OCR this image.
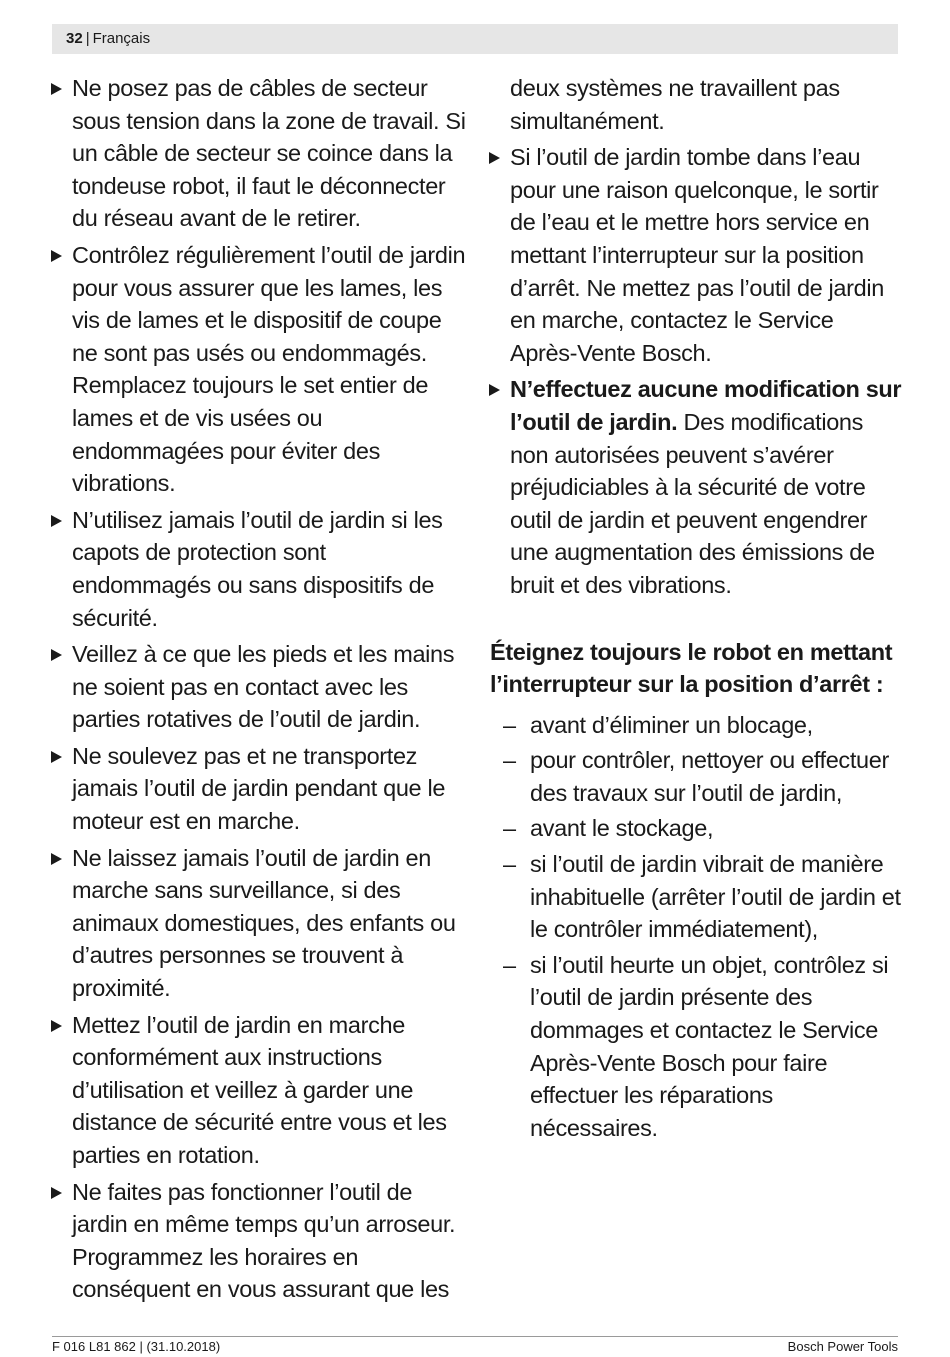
32 | Français
Ne posez pas de câbles de secteur sous tension dans la zone de travail. Si un câble de secteur se coince dans la tondeuse robot, il faut le déconnecter du réseau avant de le retirer.
Contrôlez régulièrement l’outil de jardin pour vous assurer que les lames, les vis de lames et le dispositif de coupe ne sont pas usés ou endommagés. Remplacez toujours le set entier de lames et de vis usées ou endommagées pour éviter des vibrations.
N’utilisez jamais l’outil de jardin si les capots de protection sont endommagés ou sans dispositifs de sécurité.
Veillez à ce que les pieds et les mains ne soient pas en contact avec les parties rotatives de l’outil de jardin.
Ne soulevez pas et ne transportez jamais l’outil de jardin pendant que le moteur est en marche.
Ne laissez jamais l’outil de jardin en marche sans surveillance, si des animaux domestiques, des enfants ou d’autres personnes se trouvent à proximité.
Mettez l’outil de jardin en marche conformément aux instructions d’utilisation et veillez à garder une distance de sécurité entre vous et les parties en rotation.
Ne faites pas fonctionner l’outil de jardin en même temps qu’un arroseur. Programmez les horaires en conséquent en vous assurant que les
deux systèmes ne travaillent pas simultanément.
Si l’outil de jardin tombe dans l’eau pour une raison quelconque, le sortir de l’eau et le mettre hors service en mettant l’interrupteur sur la position d’arrêt. Ne mettez pas l’outil de jardin en marche, contactez le Service Après-Vente Bosch.
N’effectuez aucune modification sur l’outil de jardin. Des modifications non autorisées peuvent s’avérer préjudiciables à la sécurité de votre outil de jardin et peuvent engendrer une augmentation des émissions de bruit et des vibrations.
Éteignez toujours le robot en mettant l’interrupteur sur la position d’arrêt :
– avant d’éliminer un blocage,
– pour contrôler, nettoyer ou effectuer des travaux sur l’outil de jardin,
– avant le stockage,
– si l’outil de jardin vibrait de manière inhabituelle (arrêter l’outil de jardin et le contrôler immédiatement),
– si l’outil heurte un objet, contrôlez si l’outil de jardin présente des dommages et contactez le Service Après-Vente Bosch pour faire effectuer les réparations nécessaires.
F 016 L81 862 | (31.10.2018)	Bosch Power Tools
